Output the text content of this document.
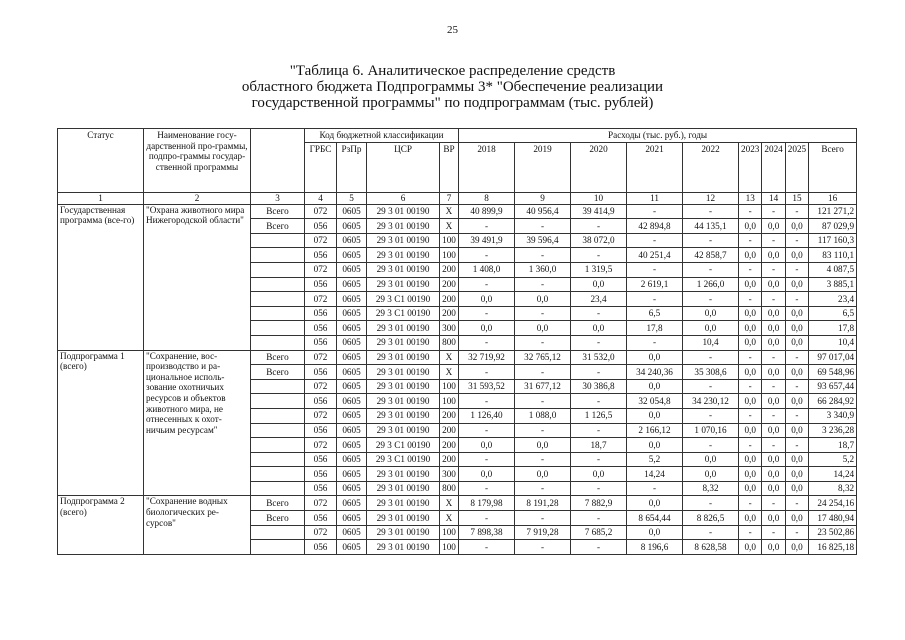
25
"Таблица 6. Аналитическое распределение средств
областного бюджета Подпрограммы 3* "Обеспечение реализации
государственной программы" по подпрограммам (тыс. рублей)
Статус	Наименование госу-дарственной про-граммы, подпро-граммы государ-ственной программы		Код бюджетной классификации				Расходы (тыс. руб.), годы								
			ГРБС	РзПр	ЦСР	ВР	2018	2019	2020	2021	2022	2023	2024	2025	Всего
1	2	3	4	5	6	7	8	9	10	11	12	13	14	15	16
Государственная программа (все-го)	"Охрана животного мира Нижегородской области"	Всего	072	0605	29 3 01 00190	X	40 899,9	40 956,4	39 414,9	-	-	-	-	-	121 271,2
		Всего	056	0605	29 3 01 00190	X	-	-	-	42 894,8	44 135,1	0,0	0,0	0,0	87 029,9
			072	0605	29 3 01 00190	100	39 491,9	39 596,4	38 072,0	-	-	-	-	-	117 160,3
			056	0605	29 3 01 00190	100	-	-	-	40 251,4	42 858,7	0,0	0,0	0,0	83 110,1
			072	0605	29 3 01 00190	200	1 408,0	1 360,0	1 319,5	-	-	-	-	-	4 087,5
			056	0605	29 3 01 00190	200	-	-	0,0	2 619,1	1 266,0	0,0	0,0	0,0	3 885,1
			072	0605	29 3 С1 00190	200	0,0	0,0	23,4	-	-	-	-	-	23,4
			056	0605	29 3 С1 00190	200	-	-	-	6,5	0,0	0,0	0,0	0,0	6,5
			056	0605	29 3 01 00190	300	0,0	0,0	0,0	17,8	0,0	0,0	0,0	0,0	17,8
			056	0605	29 3 01 00190	800	-	-	-	-	10,4	0,0	0,0	0,0	10,4
Подпрограмма 1 (всего)	"Сохранение, вос-производство и ра-циональное исполь-зование охотничьих ресурсов и объектов животного мира, не отнесенных к охот-ничьим ресурсам"	Всего	072	0605	29 3 01 00190	X	32 719,92	32 765,12	31 532,0	0,0	-	-	-	-	97 017,04
		Всего	056	0605	29 3 01 00190	X	-	-	-	34 240,36	35 308,6	0,0	0,0	0,0	69 548,96
			072	0605	29 3 01 00190	100	31 593,52	31 677,12	30 386,8	0,0	-	-	-	-	93 657,44
			056	0605	29 3 01 00190	100	-	-	-	32 054,8	34 230,12	0,0	0,0	0,0	66 284,92
			072	0605	29 3 01 00190	200	1 126,40	1 088,0	1 126,5	0,0	-	-	-	-	3 340,9
			056	0605	29 3 01 00190	200	-	-	-	2 166,12	1 070,16	0,0	0,0	0,0	3 236,28
			072	0605	29 3 С1 00190	200	0,0	0,0	18,7	0,0	-	-	-	-	18,7
			056	0605	29 3 С1 00190	200	-	-	-	5,2	0,0	0,0	0,0	0,0	5,2
			056	0605	29 3 01 00190	300	0,0	0,0	0,0	14,24	0,0	0,0	0,0	0,0	14,24
			056	0605	29 3 01 00190	800	-	-	-	-	8,32	0,0	0,0	0,0	8,32
Подпрограмма 2 (всего)	"Сохранение водных биологических ре-сурсов"	Всего	072	0605	29 3 01 00190	X	8 179,98	8 191,28	7 882,9	0,0	-	-	-	-	24 254,16
		Всего	056	0605	29 3 01 00190	X	-	-	-	8 654,44	8 826,5	0,0	0,0	0,0	17 480,94
			072	0605	29 3 01 00190	100	7 898,38	7 919,28	7 685,2	0,0	-	-	-	-	23 502,86
			056	0605	29 3 01 00190	100	-	-	-	8 196,6	8 628,58	0,0	0,0	0,0	16 825,18
